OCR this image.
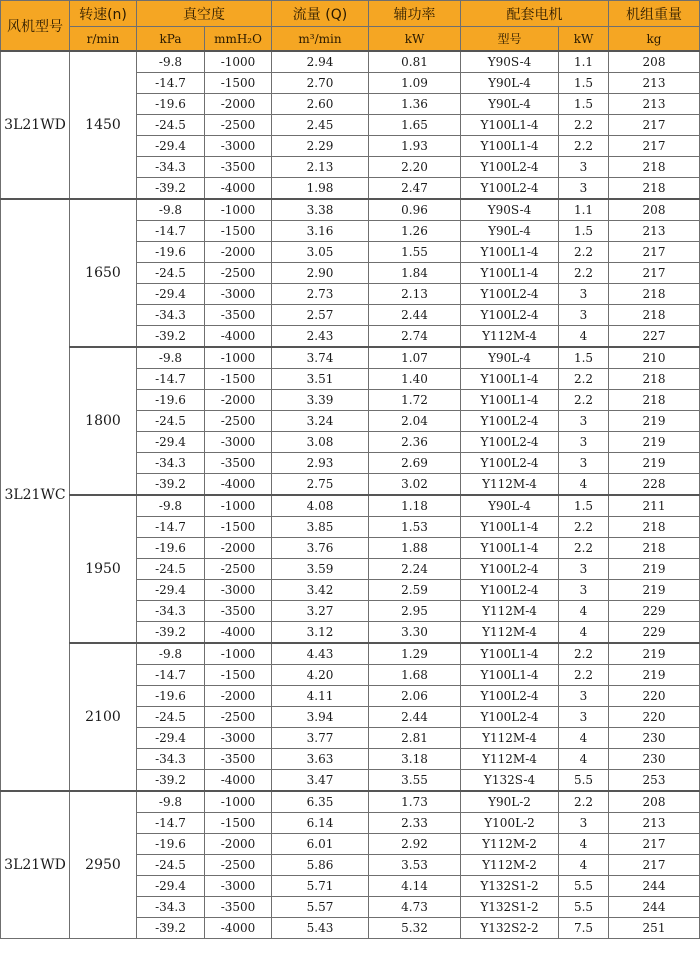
风机型号	转速(n)	真空度		流量 (Q)	辅功率	配套电机		机组重量
	r/min	kPa	mmH₂O	m³/min	kW	型号	kW	kg
3L21WD	1450	-9.8	-1000	2.94	0.81	Y90S-4	1.1	208
		-14.7	-1500	2.70	1.09	Y90L-4	1.5	213
		-19.6	-2000	2.60	1.36	Y90L-4	1.5	213
		-24.5	-2500	2.45	1.65	Y100L1-4	2.2	217
		-29.4	-3000	2.29	1.93	Y100L1-4	2.2	217
		-34.3	-3500	2.13	2.20	Y100L2-4	3	218
		-39.2	-4000	1.98	2.47	Y100L2-4	3	218
3L21WC	1650	-9.8	-1000	3.38	0.96	Y90S-4	1.1	208
		-14.7	-1500	3.16	1.26	Y90L-4	1.5	213
		-19.6	-2000	3.05	1.55	Y100L1-4	2.2	217
		-24.5	-2500	2.90	1.84	Y100L1-4	2.2	217
		-29.4	-3000	2.73	2.13	Y100L2-4	3	218
		-34.3	-3500	2.57	2.44	Y100L2-4	3	218
		-39.2	-4000	2.43	2.74	Y112M-4	4	227
	1800	-9.8	-1000	3.74	1.07	Y90L-4	1.5	210
		-14.7	-1500	3.51	1.40	Y100L1-4	2.2	218
		-19.6	-2000	3.39	1.72	Y100L1-4	2.2	218
		-24.5	-2500	3.24	2.04	Y100L2-4	3	219
		-29.4	-3000	3.08	2.36	Y100L2-4	3	219
		-34.3	-3500	2.93	2.69	Y100L2-4	3	219
		-39.2	-4000	2.75	3.02	Y112M-4	4	228
	1950	-9.8	-1000	4.08	1.18	Y90L-4	1.5	211
		-14.7	-1500	3.85	1.53	Y100L1-4	2.2	218
		-19.6	-2000	3.76	1.88	Y100L1-4	2.2	218
		-24.5	-2500	3.59	2.24	Y100L2-4	3	219
		-29.4	-3000	3.42	2.59	Y100L2-4	3	219
		-34.3	-3500	3.27	2.95	Y112M-4	4	229
		-39.2	-4000	3.12	3.30	Y112M-4	4	229
	2100	-9.8	-1000	4.43	1.29	Y100L1-4	2.2	219
		-14.7	-1500	4.20	1.68	Y100L1-4	2.2	219
		-19.6	-2000	4.11	2.06	Y100L2-4	3	220
		-24.5	-2500	3.94	2.44	Y100L2-4	3	220
		-29.4	-3000	3.77	2.81	Y112M-4	4	230
		-34.3	-3500	3.63	3.18	Y112M-4	4	230
		-39.2	-4000	3.47	3.55	Y132S-4	5.5	253
3L21WD	2950	-9.8	-1000	6.35	1.73	Y90L-2	2.2	208
		-14.7	-1500	6.14	2.33	Y100L-2	3	213
		-19.6	-2000	6.01	2.92	Y112M-2	4	217
		-24.5	-2500	5.86	3.53	Y112M-2	4	217
		-29.4	-3000	5.71	4.14	Y132S1-2	5.5	244
		-34.3	-3500	5.57	4.73	Y132S1-2	5.5	244
		-39.2	-4000	5.43	5.32	Y132S2-2	7.5	251
